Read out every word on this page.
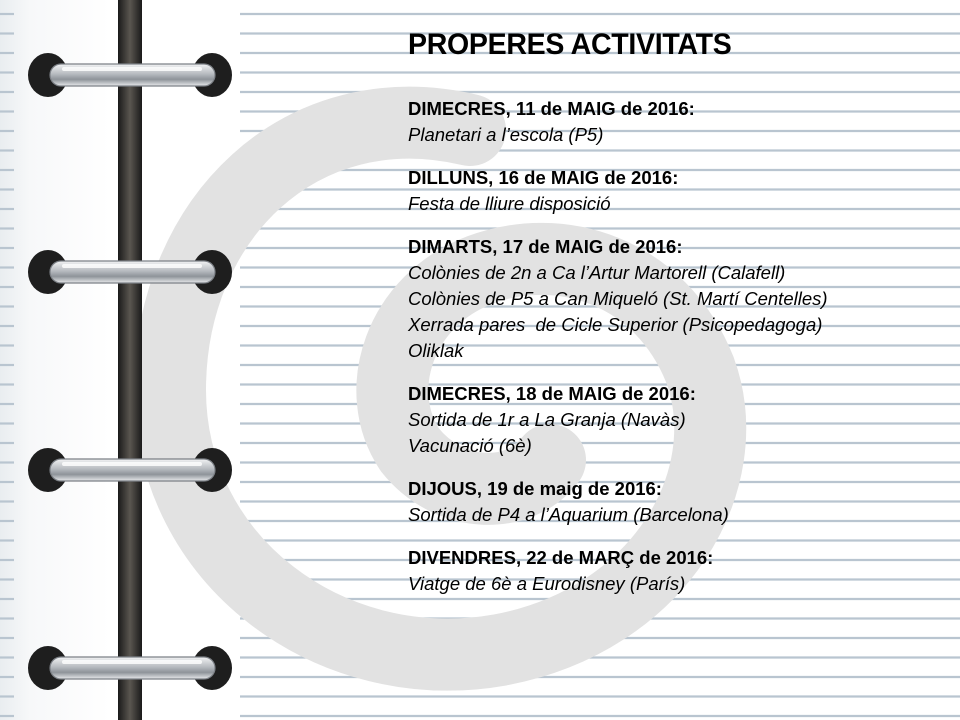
PROPERES ACTIVITATS

DIMECRES, 11 de MAIG de 2016:

Planetari a l’escola (P5)

DILLUNS, 16 de MAIG de 2016:

Festa de lliure disposició

DIMARTS, 17 de MAIG de 2016:

Colònies de 2n a Ca l’Artur Martorell (Calafell)
Colònies de P5 a Can Miqueló (St. Martí Centelles)
Xerrada pares  de Cicle Superior (Psicopedagoga)
Oliklak

DIMECRES, 18 de MAIG de 2016:

Sortida de 1r a La Granja (Navàs)
Vacunació (6è)

DIJOUS, 19 de maig de 2016:

Sortida de P4 a l’Aquarium (Barcelona)

DIVENDRES, 22 de MARÇ de 2016:

Viatge de 6è a Eurodisney (París)
